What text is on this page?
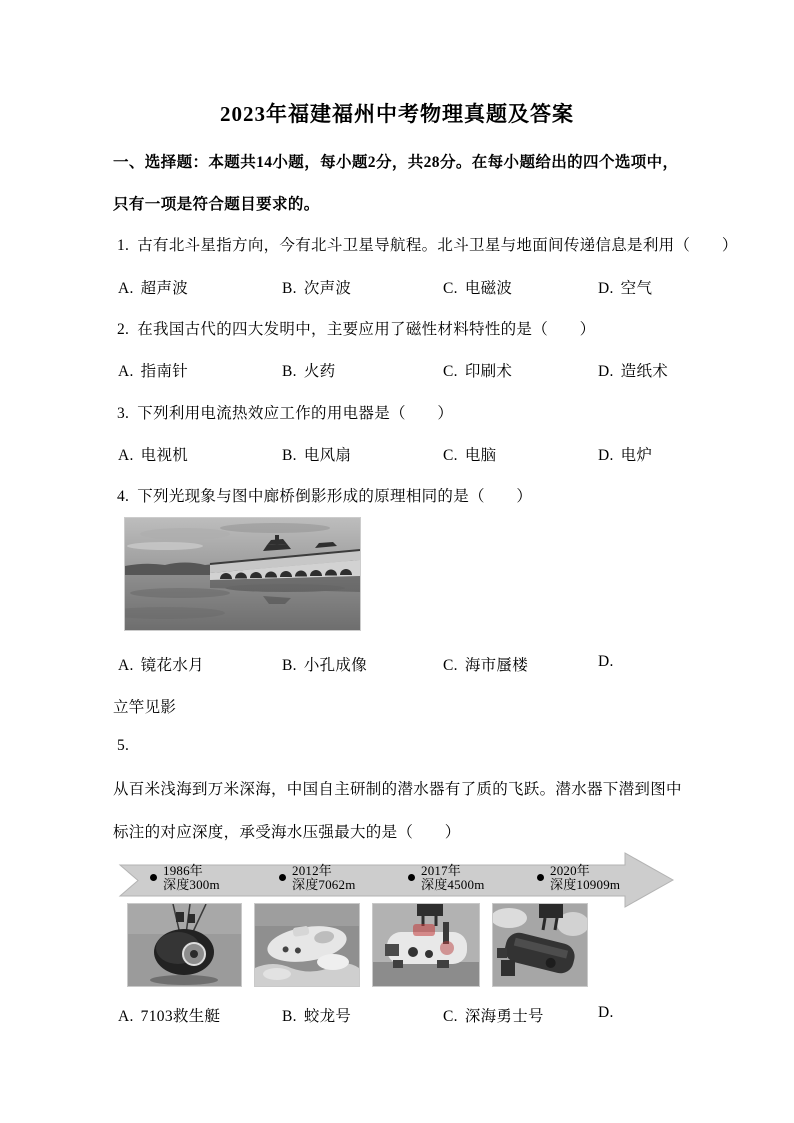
2023年福建福州中考物理真题及答案
一、选择题：本题共14小题，每小题2分，共28分。在每小题给出的四个选项中，只有一项是符合题目要求的。
1. 古有北斗星指方向，今有北斗卫星导航程。北斗卫星与地面间传递信息是利用（　　）
A. 超声波	B. 次声波	C. 电磁波	D. 空气
2. 在我国古代的四大发明中，主要应用了磁性材料特性的是（　　）
A. 指南针	B. 火药	C. 印刷术	D. 造纸术
3. 下列利用电流热效应工作的用电器是（　　）
A. 电视机	B. 电风扇	C. 电脑	D. 电炉
4. 下列光现象与图中廊桥倒影形成的原理相同的是（　　）
A. 镜花水月	B. 小孔成像	C. 海市蜃楼	D.
立竿见影
5.
从百米浅海到万米深海，中国自主研制的潜水器有了质的飞跃。潜水器下潜到图中标注的对应深度，承受海水压强最大的是（　　）
1986年
深度300m
2012年
深度7062m
2017年
深度4500m
2020年
深度10909m
A. 7103救生艇	B. 蛟龙号	C. 深海勇士号	D.
